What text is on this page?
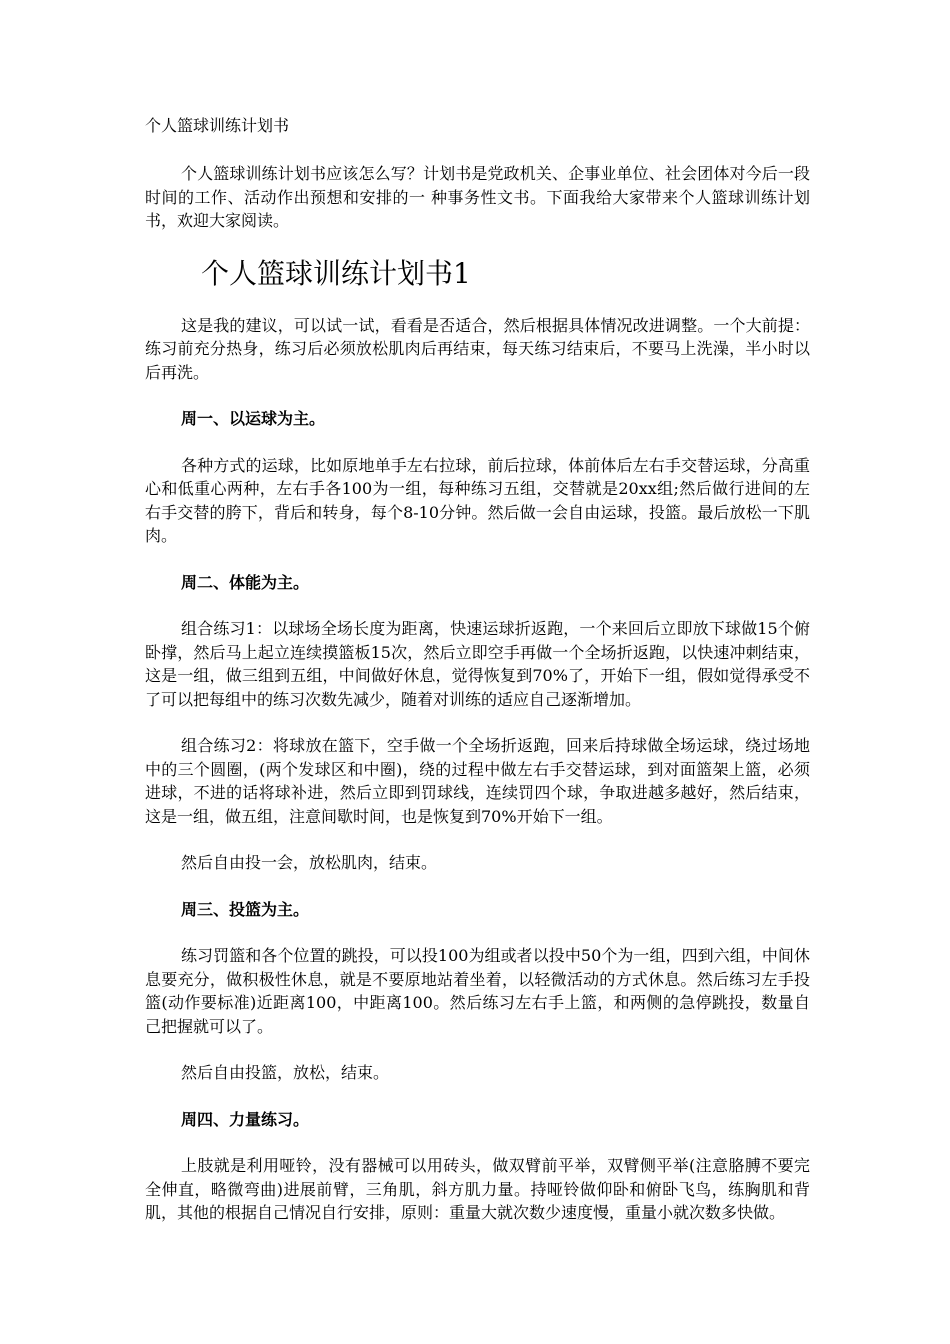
个人篮球训练计划书

个人篮球训练计划书应该怎么写？计划书是党政机关、企事业单位、社会团体对今后一段时间的工作、活动作出预想和安排的一 种事务性文书。下面我给大家带来个人篮球训练计划书，欢迎大家阅读。

个人篮球训练计划书1

这是我的建议，可以试一试，看看是否适合，然后根据具体情况改进调整。一个大前提：练习前充分热身，练习后必须放松肌肉后再结束，每天练习结束后，不要马上洗澡，半小时以后再洗。

周一、以运球为主。

各种方式的运球，比如原地单手左右拉球，前后拉球，体前体后左右手交替运球，分高重心和低重心两种，左右手各100为一组，每种练习五组，交替就是20xx组;然后做行进间的左右手交替的胯下，背后和转身，每个8-10分钟。然后做一会自由运球，投篮。最后放松一下肌肉。

周二、体能为主。

组合练习1：以球场全场长度为距离，快速运球折返跑，一个来回后立即放下球做15个俯卧撑，然后马上起立连续摸篮板15次，然后立即空手再做一个全场折返跑，以快速冲刺结束，这是一组，做三组到五组，中间做好休息，觉得恢复到70%了，开始下一组，假如觉得承受不了可以把每组中的练习次数先减少，随着对训练的适应自己逐渐增加。

组合练习2：将球放在篮下，空手做一个全场折返跑，回来后持球做全场运球，绕过场地中的三个圆圈，(两个发球区和中圈)，绕的过程中做左右手交替运球，到对面篮架上篮，必须进球，不进的话将球补进，然后立即到罚球线，连续罚四个球，争取进越多越好，然后结束，这是一组，做五组，注意间歇时间，也是恢复到70%开始下一组。

然后自由投一会，放松肌肉，结束。

周三、投篮为主。

练习罚篮和各个位置的跳投，可以投100为组或者以投中50个为一组，四到六组，中间休息要充分，做积极性休息，就是不要原地站着坐着，以轻微活动的方式休息。然后练习左手投篮(动作要标准)近距离100，中距离100。然后练习左右手上篮，和两侧的急停跳投，数量自己把握就可以了。

然后自由投篮，放松，结束。

周四、力量练习。

上肢就是利用哑铃，没有器械可以用砖头，做双臂前平举，双臂侧平举(注意胳膊不要完全伸直，略微弯曲)进展前臂，三角肌，斜方肌力量。持哑铃做仰卧和俯卧飞鸟，练胸肌和背肌，其他的根据自己情况自行安排，原则：重量大就次数少速度慢，重量小就次数多快做。
